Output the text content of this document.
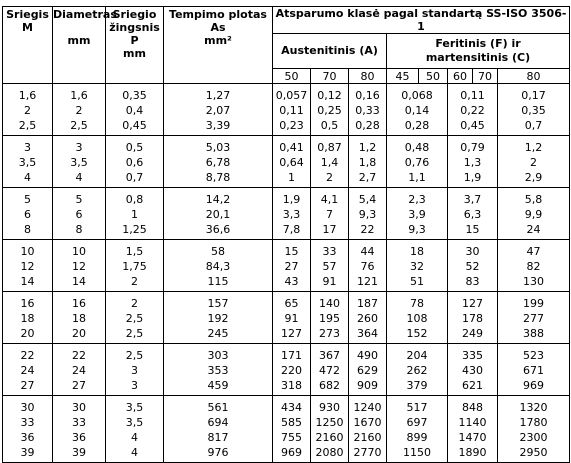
Sriegis
M	Diametras
mm	Sriegio
žingsnis
P
mm	Tempimo plotas
As
mm²	Atsparumo klasė pagal standartą SS-ISO 3506-1							
				Austenitinis (A)			Feritinis (F) ir
martensitinis (C)				

				50	70	80	45	50	60	70	80
1,6	1,6	0,35	1,27	0,057	0,12	0,16	0,068		0,11		0,17
2	2	0,4	2,07	0,11	0,25	0,33	0,14		0,22		0,35
2,5	2,5	0,45	3,39	0,23	0,5	0,28	0,28		0,45		0,7
3	3	0,5	5,03	0,41	0,87	1,2	0,48		0,79		1,2
3,5	3,5	0,6	6,78	0,64	1,4	1,8	0,76		1,3		2
4	4	0,7	8,78	1	2	2,7	1,1		1,9		2,9
5	5	0,8	14,2	1,9	4,1	5,4	2,3		3,7		5,8
6	6	1	20,1	3,3	7	9,3	3,9		6,3		9,9
8	8	1,25	36,6	7,8	17	22	9,3		15		24
10	10	1,5	58	15	33	44	18		30		47
12	12	1,75	84,3	27	57	76	32		52		82
14	14	2	115	43	91	121	51		83		130
16	16	2	157	65	140	187	78		127		199
18	18	2,5	192	91	195	260	108		178		277
20	20	2,5	245	127	273	364	152		249		388
22	22	2,5	303	171	367	490	204		335		523
24	24	3	353	220	472	629	262		430		671
27	27	3	459	318	682	909	379		621		969
30	30	3,5	561	434	930	1240	517		848		1320
33	33	3,5	694	585	1250	1670	697		1140		1780
36	36	4	817	755	2160	2160	899		1470		2300
39	39	4	976	969	2080	2770	1150		1890		2950
